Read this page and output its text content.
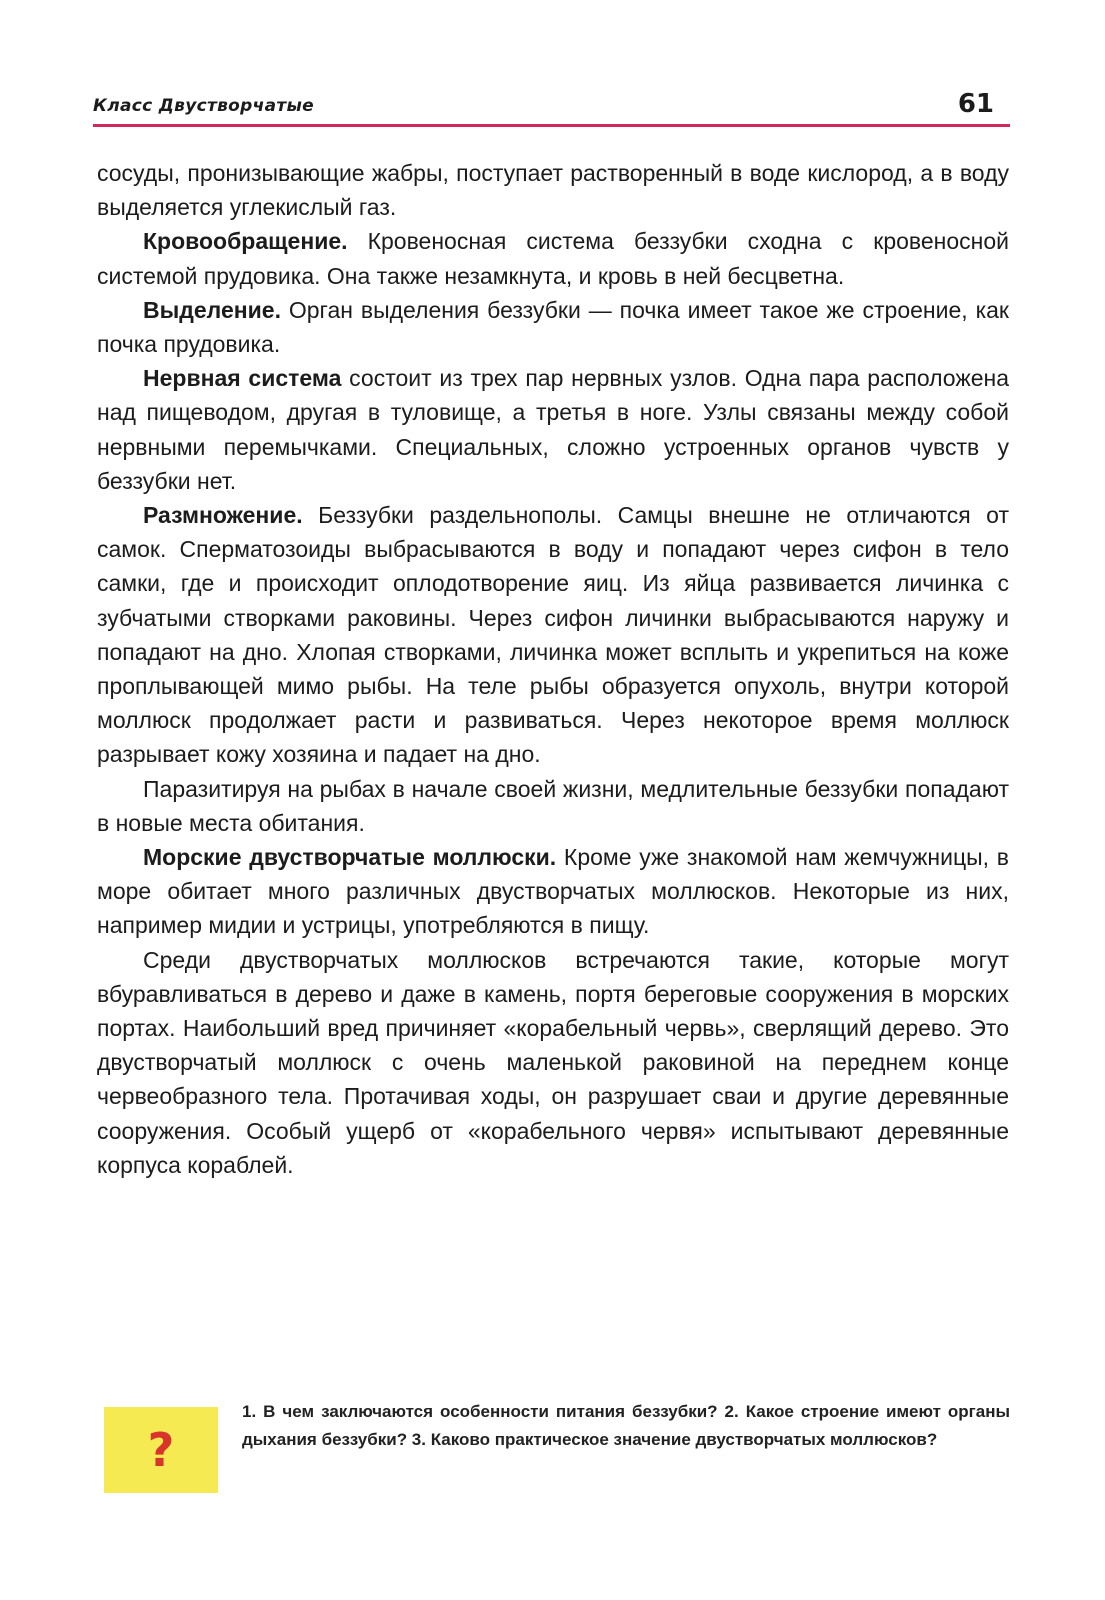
Класс Двустворчатые	61

сосуды, пронизывающие жабры, поступает растворенный в воде кислород, а в воду выделяется углекислый газ.

Кровообращение. Кровеносная система беззубки сходна с кровеносной системой прудовика. Она также незамкнута, и кровь в ней бесцветна.

Выделение. Орган выделения беззубки — почка имеет такое же строение, как почка прудовика.

Нервная система состоит из трех пар нервных узлов. Одна пара расположена над пищеводом, другая в туловище, а третья в ноге. Узлы связаны между собой нервными перемычками. Специальных, сложно устроенных органов чувств у беззубки нет.

Размножение. Беззубки раздельнополы. Самцы внешне не отличаются от самок. Сперматозоиды выбрасываются в воду и попадают через сифон в тело самки, где и происходит оплодотворение яиц. Из яйца развивается личинка с зубчатыми створками раковины. Через сифон личинки выбрасываются наружу и попадают на дно. Хлопая створками, личинка может всплыть и укрепиться на коже проплывающей мимо рыбы. На теле рыбы образуется опухоль, внутри которой моллюск продолжает расти и развиваться. Через некоторое время моллюск разрывает кожу хозяина и падает на дно.

Паразитируя на рыбах в начале своей жизни, медлительные беззубки попадают в новые места обитания.

Морские двустворчатые моллюски. Кроме уже знакомой нам жемчужницы, в море обитает много различных двустворчатых моллюсков. Некоторые из них, например мидии и устрицы, употребляются в пищу.

Среди двустворчатых моллюсков встречаются такие, которые могут вбуравливаться в дерево и даже в камень, портя береговые сооружения в морских портах. Наибольший вред причиняет «корабельный червь», сверлящий дерево. Это двустворчатый моллюск с очень маленькой раковиной на переднем конце червеобразного тела. Протачивая ходы, он разрушает сваи и другие деревянные сооружения. Особый ущерб от «корабельного червя» испытывают деревянные корпуса кораблей.

?
1. В чем заключаются особенности питания беззубки? 2. Какое строение имеют органы дыхания беззубки? 3. Каково практическое значение двустворчатых моллюсков?
